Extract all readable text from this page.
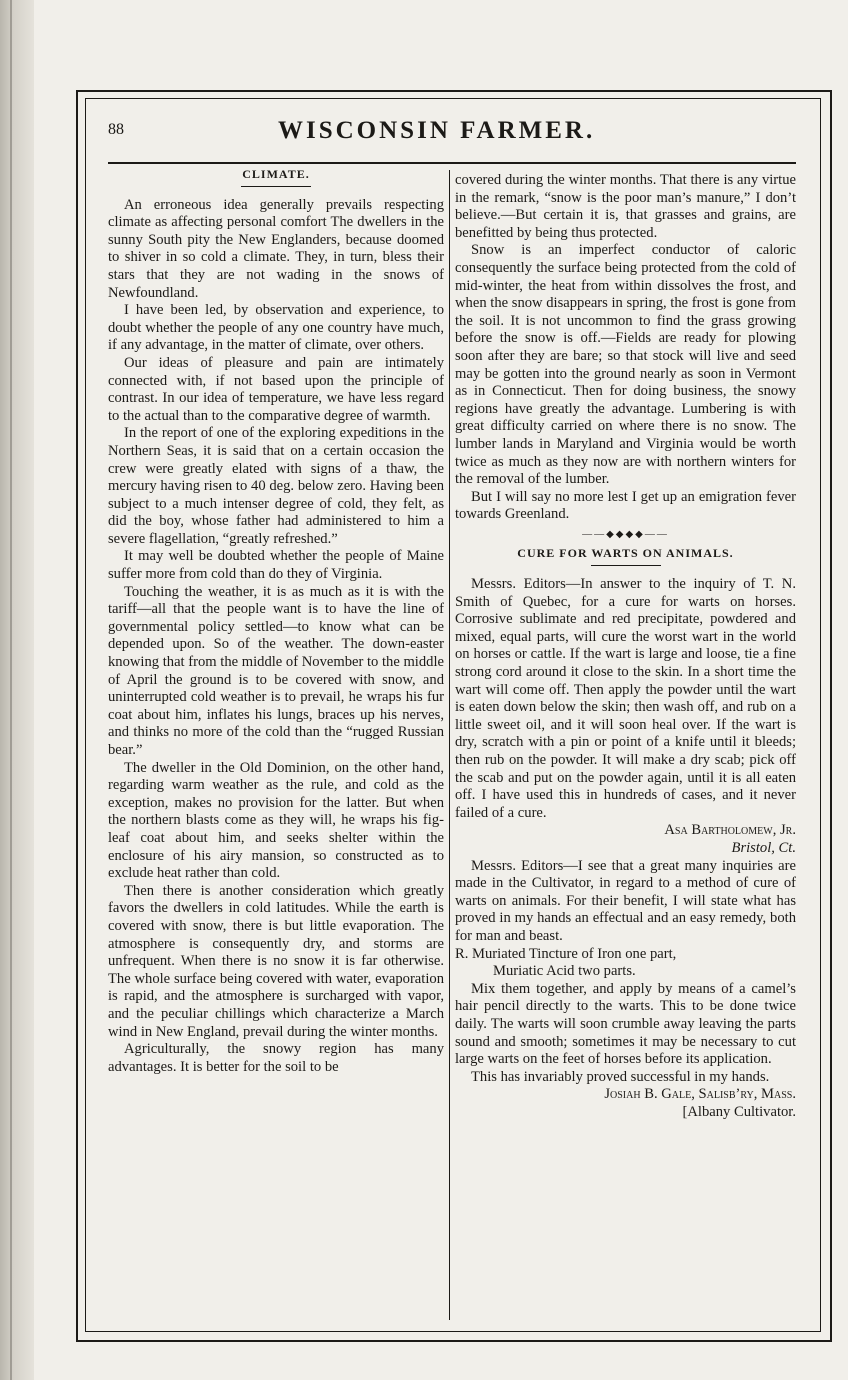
88	WISCONSIN FARMER.
CLIMATE.

An erroneous idea generally prevails respecting climate as affecting personal comfort The dwellers in the sunny South pity the New Englanders, because doomed to shiver in so cold a climate. They, in turn, bless their stars that they are not wading in the snows of Newfoundland.

I have been led, by observation and experience, to doubt whether the people of any one country have much, if any advantage, in the matter of climate, over others.

Our ideas of pleasure and pain are intimately connected with, if not based upon the principle of contrast. In our idea of temperature, we have less regard to the actual than to the comparative degree of warmth.

In the report of one of the exploring expeditions in the Northern Seas, it is said that on a certain occasion the crew were greatly elated with signs of a thaw, the mercury having risen to 40 deg. below zero. Having been subject to a much intenser degree of cold, they felt, as did the boy, whose father had administered to him a severe flagellation, “greatly refreshed.”

It may well be doubted whether the people of Maine suffer more from cold than do they of Virginia.

Touching the weather, it is as much as it is with the tariff—all that the people want is to have the line of governmental policy settled—to know what can be depended upon. So of the weather. The down-easter knowing that from the middle of November to the middle of April the ground is to be covered with snow, and uninterrupted cold weather is to prevail, he wraps his fur coat about him, inflates his lungs, braces up his nerves, and thinks no more of the cold than the “rugged Russian bear.”

The dweller in the Old Dominion, on the other hand, regarding warm weather as the rule, and cold as the exception, makes no provision for the latter. But when the northern blasts come as they will, he wraps his fig-leaf coat about him, and seeks shelter within the enclosure of his airy mansion, so constructed as to exclude heat rather than cold.

Then there is another consideration which greatly favors the dwellers in cold latitudes. While the earth is covered with snow, there is but little evaporation. The atmosphere is consequently dry, and storms are unfrequent. When there is no snow it is far otherwise. The whole surface being covered with water, evaporation is rapid, and the atmosphere is surcharged with vapor, and the peculiar chillings which characterize a March wind in New England, prevail during the winter months.

Agriculturally, the snowy region has many advantages. It is better for the soil to be

covered during the winter months. That there is any virtue in the remark, “snow is the poor man’s manure,” I don’t believe.—But certain it is, that grasses and grains, are benefitted by being thus protected.

Snow is an imperfect conductor of caloric consequently the surface being protected from the cold of mid-winter, the heat from within dissolves the frost, and when the snow disappears in spring, the frost is gone from the soil. It is not uncommon to find the grass growing before the snow is off.—Fields are ready for plowing soon after they are bare; so that stock will live and seed may be gotten into the ground nearly as soon in Vermont as in Connecticut. Then for doing business, the snowy regions have greatly the advantage. Lumbering is with great difficulty carried on where there is no snow. The lumber lands in Maryland and Virginia would be worth twice as much as they now are with northern winters for the removal of the lumber.

But I will say no more lest I get up an emigration fever towards Greenland.

——◆◆◆◆——
CURE FOR WARTS ON ANIMALS.

Messrs. Editors—In answer to the inquiry of T. N. Smith of Quebec, for a cure for warts on horses. Corrosive sublimate and red precipitate, powdered and mixed, equal parts, will cure the worst wart in the world on horses or cattle. If the wart is large and loose, tie a fine strong cord around it close to the skin. In a short time the wart will come off. Then apply the powder until the wart is eaten down below the skin; then wash off, and rub on a little sweet oil, and it will soon heal over. If the wart is dry, scratch with a pin or point of a knife until it bleeds; then rub on the powder. It will make a dry scab; pick off the scab and put on the powder again, until it is all eaten off. I have used this in hundreds of cases, and it never failed of a cure.

Asa Bartholomew, Jr.

Bristol, Ct.

Messrs. Editors—I see that a great many inquiries are made in the Cultivator, in regard to a method of cure of warts on animals. For their benefit, I will state what has proved in my hands an effectual and an easy remedy, both for man and beast.

R. Muriated Tincture of Iron one part,

Muriatic Acid two parts.

Mix them together, and apply by means of a camel’s hair pencil directly to the warts. This to be done twice daily. The warts will soon crumble away leaving the parts sound and smooth; sometimes it may be necessary to cut large warts on the feet of horses before its application.

This has invariably proved successful in my hands.

Josiah B. Gale, Salisb’ry, Mass.

[Albany Cultivator.
